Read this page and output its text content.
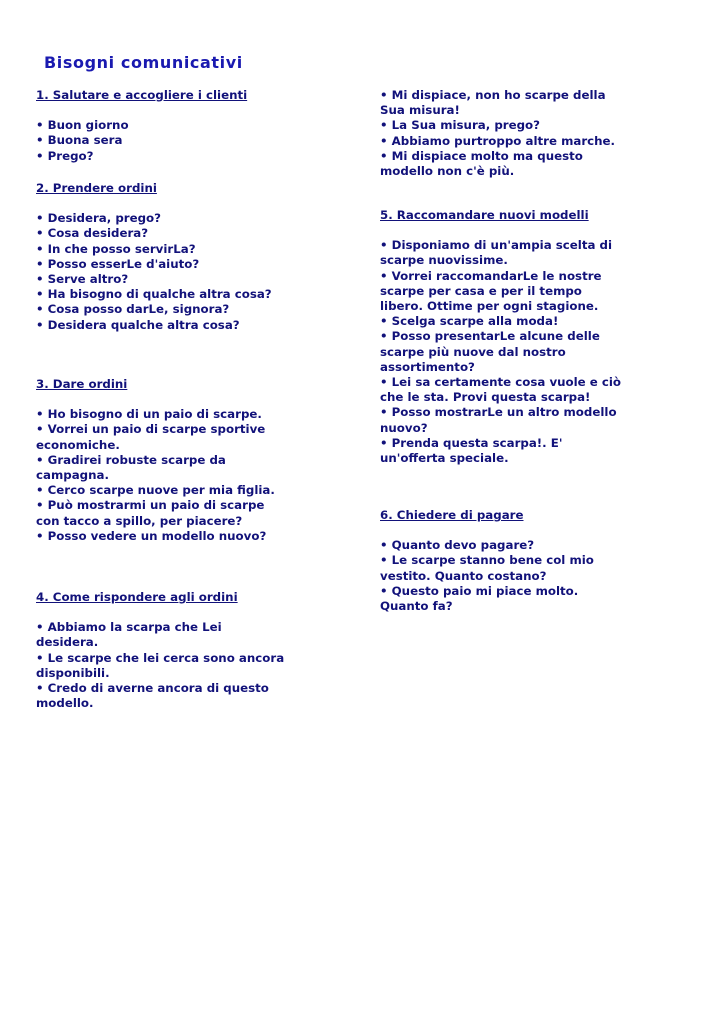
Bisogni comunicativi
1. Salutare e accogliere i clienti
• Buon giorno
• Buona sera
• Prego?
2. Prendere ordini
• Desidera, prego?
• Cosa desidera?
• In che posso servirLa?
• Posso esserLe d'aiuto?
• Serve altro?
• Ha bisogno di qualche altra cosa?
• Cosa posso darLe, signora?
• Desidera qualche altra cosa?
3. Dare ordini
• Ho bisogno di un paio di scarpe.
• Vorrei un paio di scarpe sportive economiche.
• Gradirei robuste scarpe da campagna.
• Cerco scarpe nuove per mia figlia.
• Può mostrarmi un paio di scarpe con tacco a spillo, per piacere?
• Posso vedere un modello nuovo?
4. Come rispondere agli ordini
• Abbiamo la scarpa che Lei desidera.
• Le scarpe che lei cerca sono ancora disponibili.
• Credo di averne ancora di questo modello.
• Mi dispiace, non ho scarpe della Sua misura!
• La Sua misura, prego?
• Abbiamo purtroppo altre marche.
• Mi dispiace molto ma questo modello non c'è più.
5. Raccomandare nuovi modelli
• Disponiamo di un'ampia scelta di scarpe nuovissime.
• Vorrei raccomandarLe le nostre scarpe per casa e per il tempo libero. Ottime per ogni stagione.
• Scelga scarpe alla moda!
• Posso presentarLe alcune delle scarpe più nuove dal nostro assortimento?
• Lei sa certamente cosa vuole e ciò che le sta. Provi questa scarpa!
• Posso mostrarLe un altro modello nuovo?
• Prenda questa scarpa!. E' un'offerta speciale.
6. Chiedere di pagare
• Quanto devo pagare?
• Le scarpe stanno bene col mio vestito. Quanto costano?
• Questo paio mi piace molto. Quanto fa?
